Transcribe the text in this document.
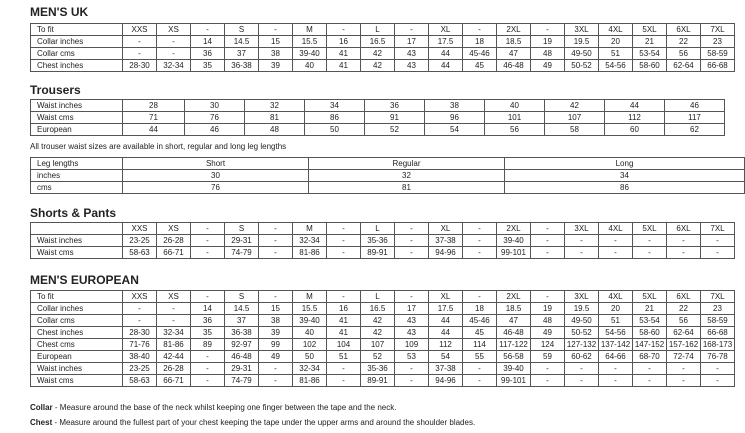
MEN'S UK
To fit	XXS	XS	-	S	-	M	-	L	-	XL	-	2XL	-	3XL	4XL	5XL	6XL	7XL
Collar inches	-	-	14	14.5	15	15.5	16	16.5	17	17.5	18	18.5	19	19.5	20	21	22	23
Collar cms	-	-	36	37	38	39-40	41	42	43	44	45-46	47	48	49-50	51	53-54	56	58-59
Chest inches	28-30	32-34	35	36-38	39	40	41	42	43	44	45	46-48	49	50-52	54-56	58-60	62-64	66-68
Trousers
Waist inches	28	30	32	34	36	38	40	42	44	46
Waist cms	71	76	81	86	91	96	101	107	112	117
European	44	46	48	50	52	54	56	58	60	62
All trouser waist sizes are available in short, regular and long leg lengths
Leg lengths	Short	Regular	Long
inches	30	32	34
cms	76	81	86
Shorts & Pants
	XXS	XS	-	S	-	M	-	L	-	XL	-	2XL	-	3XL	4XL	5XL	6XL	7XL
Waist inches	23-25	26-28	-	29-31	-	32-34	-	35-36	-	37-38	-	39-40	-	-	-	-	-	-
Waist cms	58-63	66-71	-	74-79	-	81-86	-	89-91	-	94-96	-	99-101	-	-	-	-	-	-
MEN'S EUROPEAN
To fit	XXS	XS	-	S	-	M	-	L	-	XL	-	2XL	-	3XL	4XL	5XL	6XL	7XL
Collar inches	-	-	14	14.5	15	15.5	16	16.5	17	17.5	18	18.5	19	19.5	20	21	22	23
Collar cms	-	-	36	37	38	39-40	41	42	43	44	45-46	47	48	49-50	51	53-54	56	58-59
Chest inches	28-30	32-34	35	36-38	39	40	41	42	43	44	45	46-48	49	50-52	54-56	58-60	62-64	66-68
Chest cms	71-76	81-86	89	92-97	99	102	104	107	109	112	114	117-122	124	127-132	137-142	147-152	157-162	168-173
European	38-40	42-44	-	46-48	49	50	51	52	53	54	55	56-58	59	60-62	64-66	68-70	72-74	76-78
Waist inches	23-25	26-28	-	29-31	-	32-34	-	35-36	-	37-38	-	39-40	-	-	-	-	-	-
Waist cms	58-63	66-71	-	74-79	-	81-86	-	89-91	-	94-96	-	99-101	-	-	-	-	-	-
Collar - Measure around the base of the neck whilst keeping one finger between the tape and the neck.
Chest - Measure around the fullest part of your chest keeping the tape under the upper arms and around the shoulder blades.
